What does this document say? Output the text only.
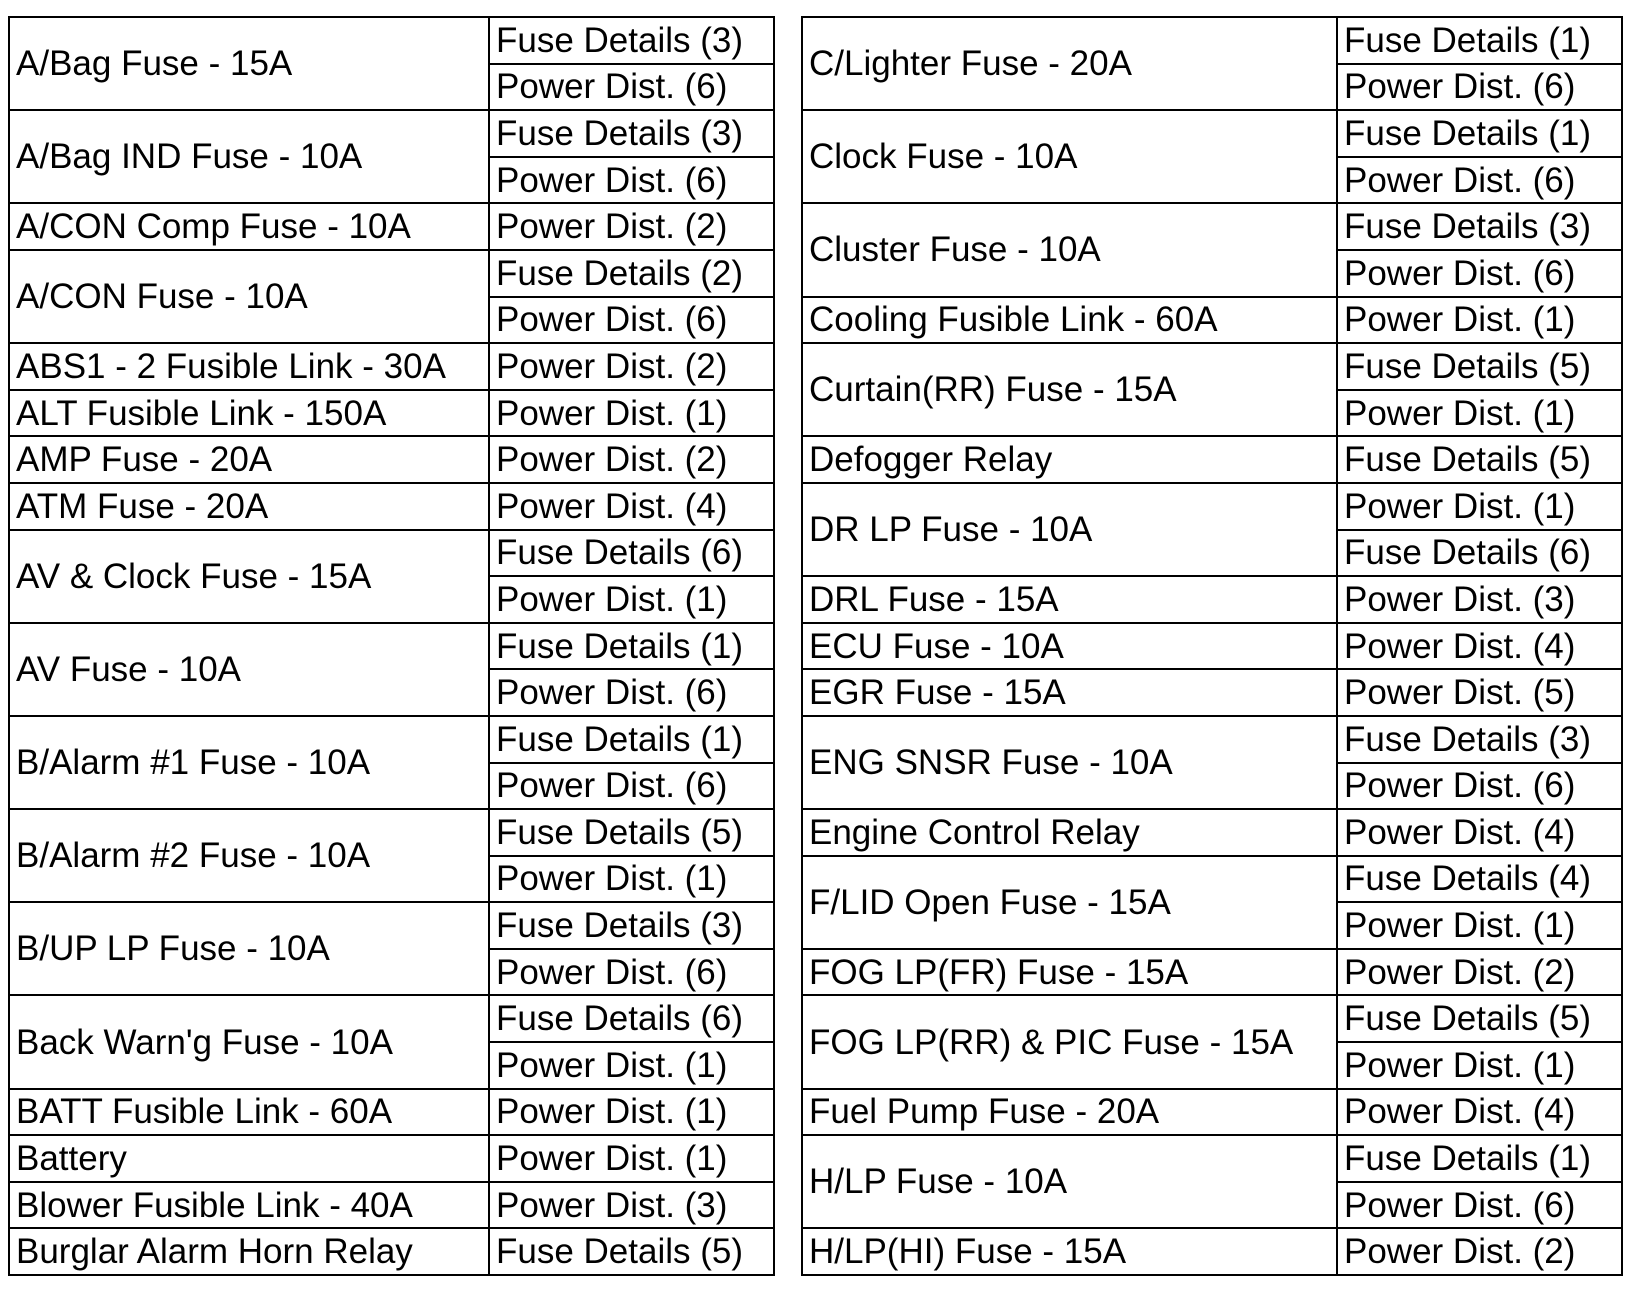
A/Bag Fuse - 15A	Fuse Details (3)
	Power Dist. (6)
A/Bag IND Fuse - 10A	Fuse Details (3)
	Power Dist. (6)
A/CON Comp Fuse - 10A	Power Dist. (2)
A/CON Fuse - 10A	Fuse Details (2)
	Power Dist. (6)
ABS1 - 2 Fusible Link - 30A	Power Dist. (2)
ALT Fusible Link - 150A	Power Dist. (1)
AMP Fuse - 20A	Power Dist. (2)
ATM Fuse - 20A	Power Dist. (4)
AV & Clock Fuse - 15A	Fuse Details (6)
	Power Dist. (1)
AV Fuse - 10A	Fuse Details (1)
	Power Dist. (6)
B/Alarm #1 Fuse - 10A	Fuse Details (1)
	Power Dist. (6)
B/Alarm #2 Fuse - 10A	Fuse Details (5)
	Power Dist. (1)
B/UP LP Fuse - 10A	Fuse Details (3)
	Power Dist. (6)
Back Warn'g Fuse - 10A	Fuse Details (6)
	Power Dist. (1)
BATT Fusible Link - 60A	Power Dist. (1)
Battery	Power Dist. (1)
Blower Fusible Link - 40A	Power Dist. (3)
Burglar Alarm Horn Relay	Fuse Details (5)
C/Lighter Fuse - 20A	Fuse Details (1)
	Power Dist. (6)
Clock Fuse - 10A	Fuse Details (1)
	Power Dist. (6)
Cluster Fuse - 10A	Fuse Details (3)
	Power Dist. (6)
Cooling Fusible Link - 60A	Power Dist. (1)
Curtain(RR) Fuse - 15A	Fuse Details (5)
	Power Dist. (1)
Defogger Relay	Fuse Details (5)
DR LP Fuse - 10A	Power Dist. (1)
	Fuse Details (6)
DRL Fuse - 15A	Power Dist. (3)
ECU Fuse - 10A	Power Dist. (4)
EGR Fuse - 15A	Power Dist. (5)
ENG SNSR Fuse - 10A	Fuse Details (3)
	Power Dist. (6)
Engine Control Relay	Power Dist. (4)
F/LID Open Fuse - 15A	Fuse Details (4)
	Power Dist. (1)
FOG LP(FR) Fuse - 15A	Power Dist. (2)
FOG LP(RR) & PIC Fuse - 15A	Fuse Details (5)
	Power Dist. (1)
Fuel Pump Fuse - 20A	Power Dist. (4)
H/LP Fuse - 10A	Fuse Details (1)
	Power Dist. (6)
H/LP(HI) Fuse - 15A	Power Dist. (2)
